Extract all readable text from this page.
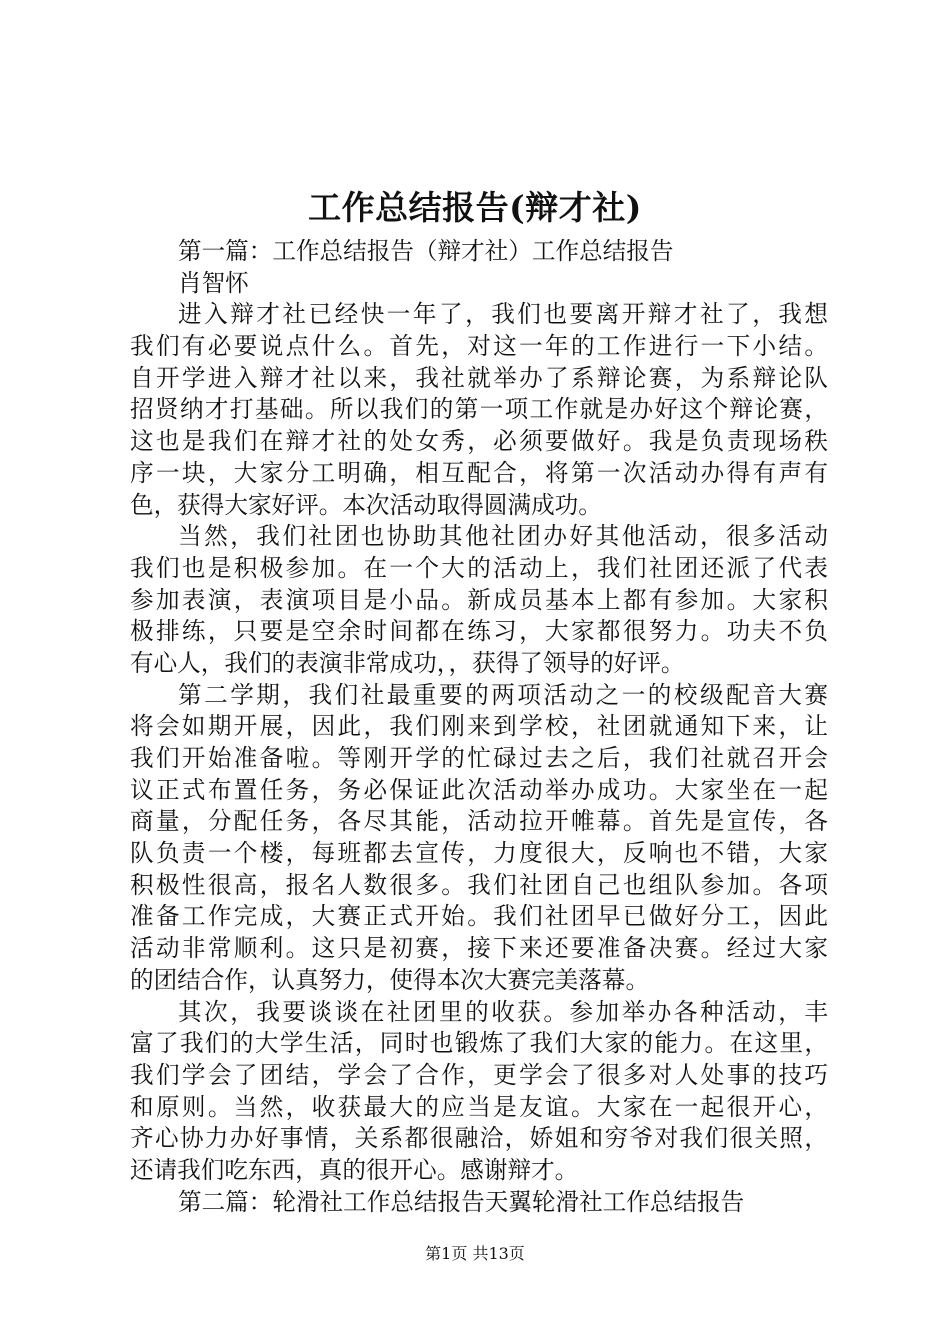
工作总结报告(辩才社)
第一篇：工作总结报告（辩才社）工作总结报告
肖智怀
进入辩才社已经快一年了，我们也要离开辩才社了，我想
我们有必要说点什么。首先，对这一年的工作进行一下小结。
自开学进入辩才社以来，我社就举办了系辩论赛，为系辩论队
招贤纳才打基础。所以我们的第一项工作就是办好这个辩论赛，
这也是我们在辩才社的处女秀，必须要做好。我是负责现场秩
序一块，大家分工明确，相互配合，将第一次活动办得有声有
色，获得大家好评。本次活动取得圆满成功。
当然，我们社团也协助其他社团办好其他活动，很多活动
我们也是积极参加。在一个大的活动上，我们社团还派了代表
参加表演，表演项目是小品。新成员基本上都有参加。大家积
极排练，只要是空余时间都在练习，大家都很努力。功夫不负
有心人，我们的表演非常成功，，获得了领导的好评。
第二学期，我们社最重要的两项活动之一的校级配音大赛
将会如期开展，因此，我们刚来到学校，社团就通知下来，让
我们开始准备啦。等刚开学的忙碌过去之后，我们社就召开会
议正式布置任务，务必保证此次活动举办成功。大家坐在一起
商量，分配任务，各尽其能，活动拉开帷幕。首先是宣传，各
队负责一个楼，每班都去宣传，力度很大，反响也不错，大家
积极性很高，报名人数很多。我们社团自己也组队参加。各项
准备工作完成，大赛正式开始。我们社团早已做好分工，因此
活动非常顺利。这只是初赛，接下来还要准备决赛。经过大家
的团结合作，认真努力，使得本次大赛完美落幕。
其次，我要谈谈在社团里的收获。参加举办各种活动，丰
富了我们的大学生活，同时也锻炼了我们大家的能力。在这里，
我们学会了团结，学会了合作，更学会了很多对人处事的技巧
和原则。当然，收获最大的应当是友谊。大家在一起很开心，
齐心协力办好事情，关系都很融洽，娇姐和穷爷对我们很关照，
还请我们吃东西，真的很开心。感谢辩才。
第二篇：轮滑社工作总结报告天翼轮滑社工作总结报告
第1页 共13页
